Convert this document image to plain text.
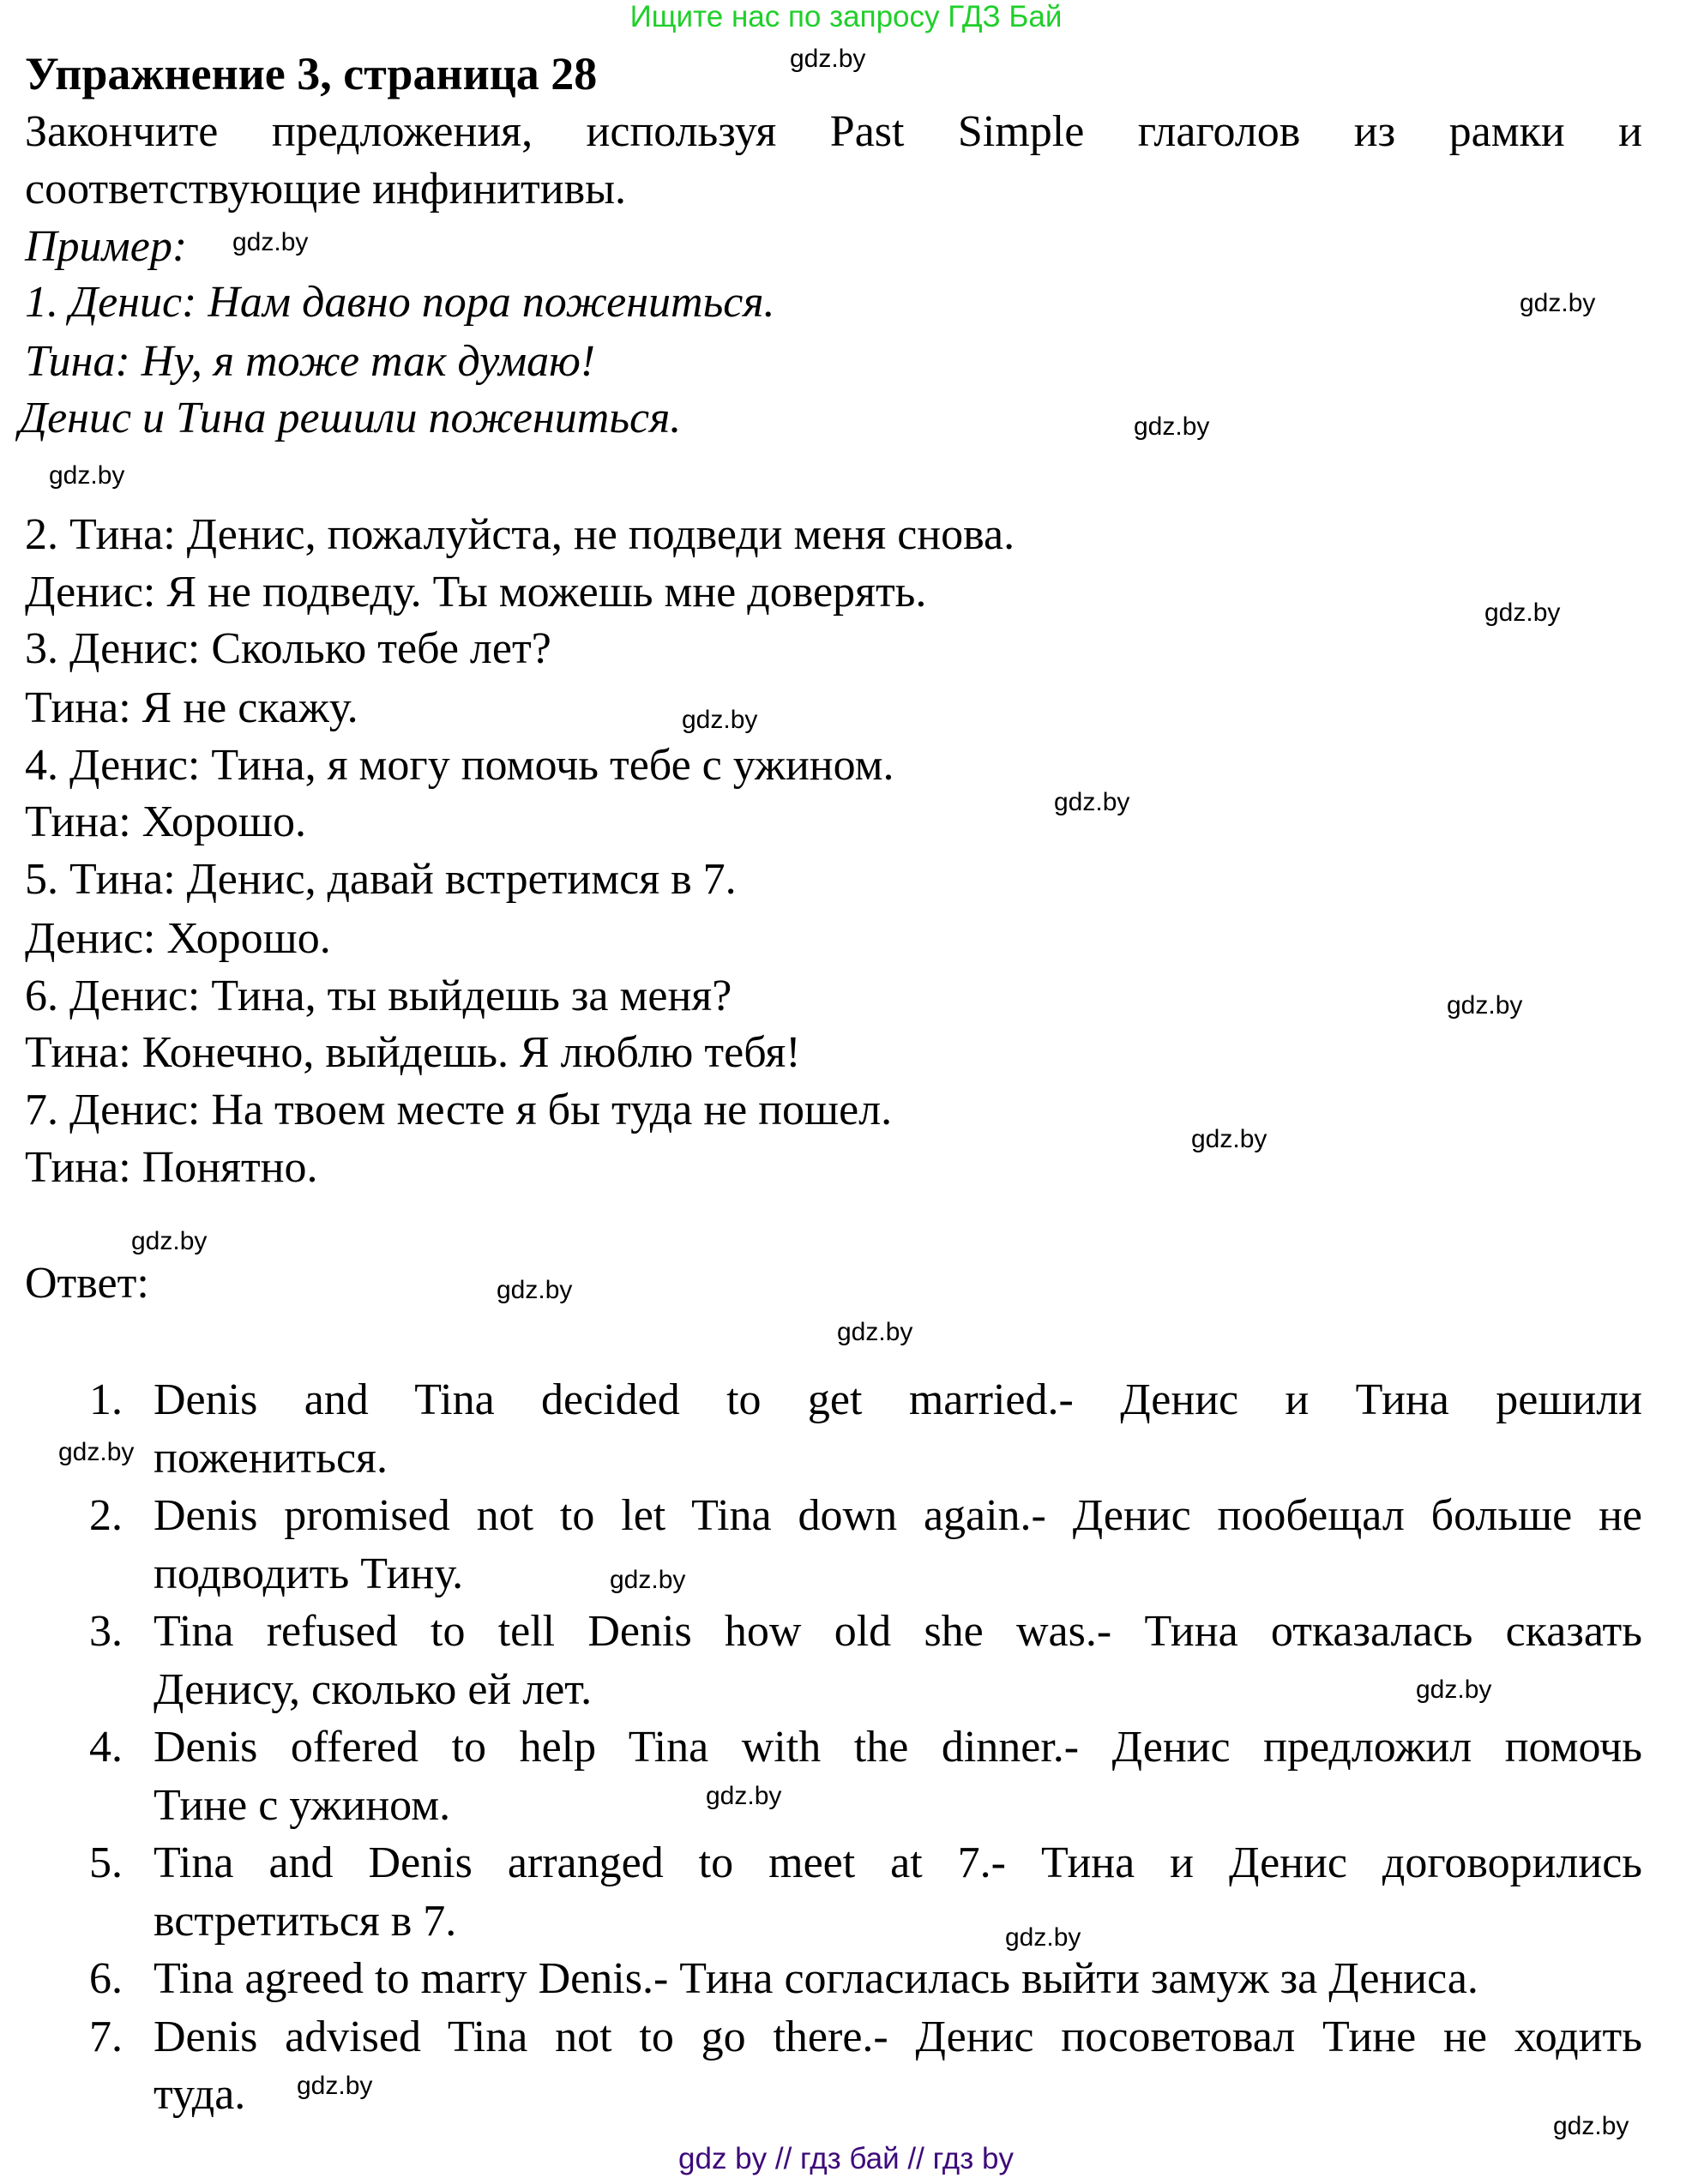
Ищите нас по запросу ГДЗ Бай
Упражнение 3, страница 28
Закончите предложения, используя Past Simple глаголов из рамки и
соответствующие инфинитивы.
Пример:
1. Денис: Нам давно пора пожениться.
Тина: Ну, я тоже так думаю!
Денис и Тина решили пожениться.
2. Тина: Денис, пожалуйста, не подведи меня снова.
Денис: Я не подведу. Ты можешь мне доверять.
3. Денис: Сколько тебе лет?
Тина: Я не скажу.
4. Денис: Тина, я могу помочь тебе с ужином.
Тина: Хорошо.
5. Тина: Денис, давай встретимся в 7.
Денис: Хорошо.
6. Денис: Тина, ты выйдешь за меня?
Тина: Конечно, выйдешь. Я люблю тебя!
7. Денис: На твоем месте я бы туда не пошел.
Тина: Понятно.
Ответ:
1. Denis and Tina decided to get married.- Денис и Тина решили
пожениться.
2. Denis promised not to let Tina down again.- Денис пообещал больше не
подводить Тину.
3. Tina refused to tell Denis how old she was.- Тина отказалась сказать
Денису, сколько ей лет.
4. Denis offered to help Tina with the dinner.- Денис предложил помочь
Тине с ужином.
5. Tina and Denis arranged to meet at 7.- Тина и Денис договорились
встретиться в 7.
6. Tina agreed to marry Denis.- Тина согласилась выйти замуж за Дениса.
7. Denis advised Tina not to go there.- Денис посоветовал Тине не ходить
туда.
gdz.by
gdz.by
gdz.by
gdz.by
gdz.by
gdz.by
gdz.by
gdz.by
gdz.by
gdz.by
gdz.by
gdz.by
gdz.by
gdz.by
gdz.by
gdz.by
gdz.by
gdz.by
gdz.by
gdz.by
gdz by // гдз бай // гдз by
